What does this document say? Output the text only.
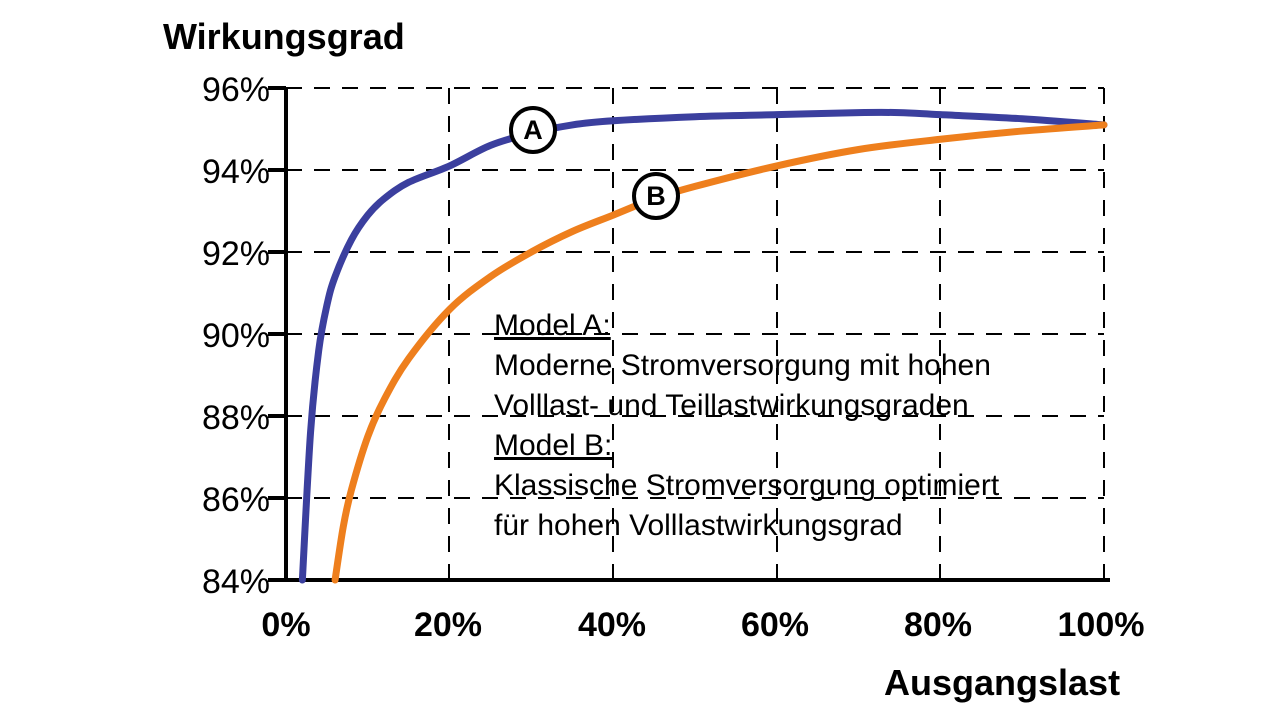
Wirkungsgrad
Ausgangslast
84%
86%
88%
90%
92%
94%
96%
0%	20%	40%	60%	80%	100%
A
B
Model A:
Moderne Stromversorgung mit hohen
Volllast- und Teillastwirkungsgraden
Model B:
Klassische Stromversorgung optimiert
für hohen Volllastwirkungsgrad
